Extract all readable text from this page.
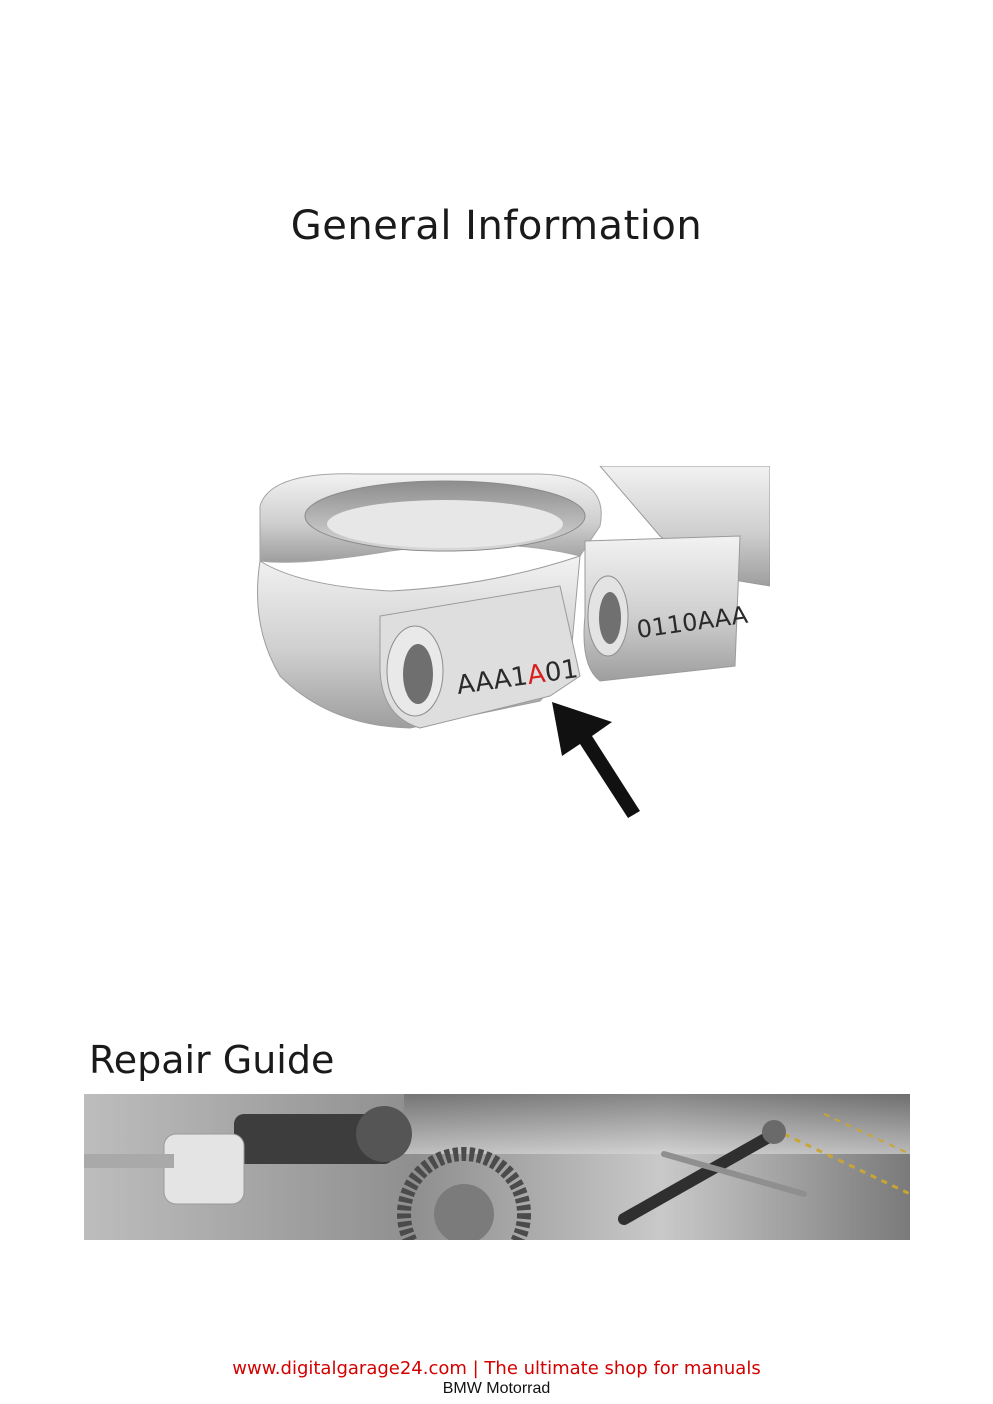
General Information
AAA1A01
0110AAA
Repair Guide
www.digitalgarage24.com | The ultimate shop for manuals
BMW Motorrad
